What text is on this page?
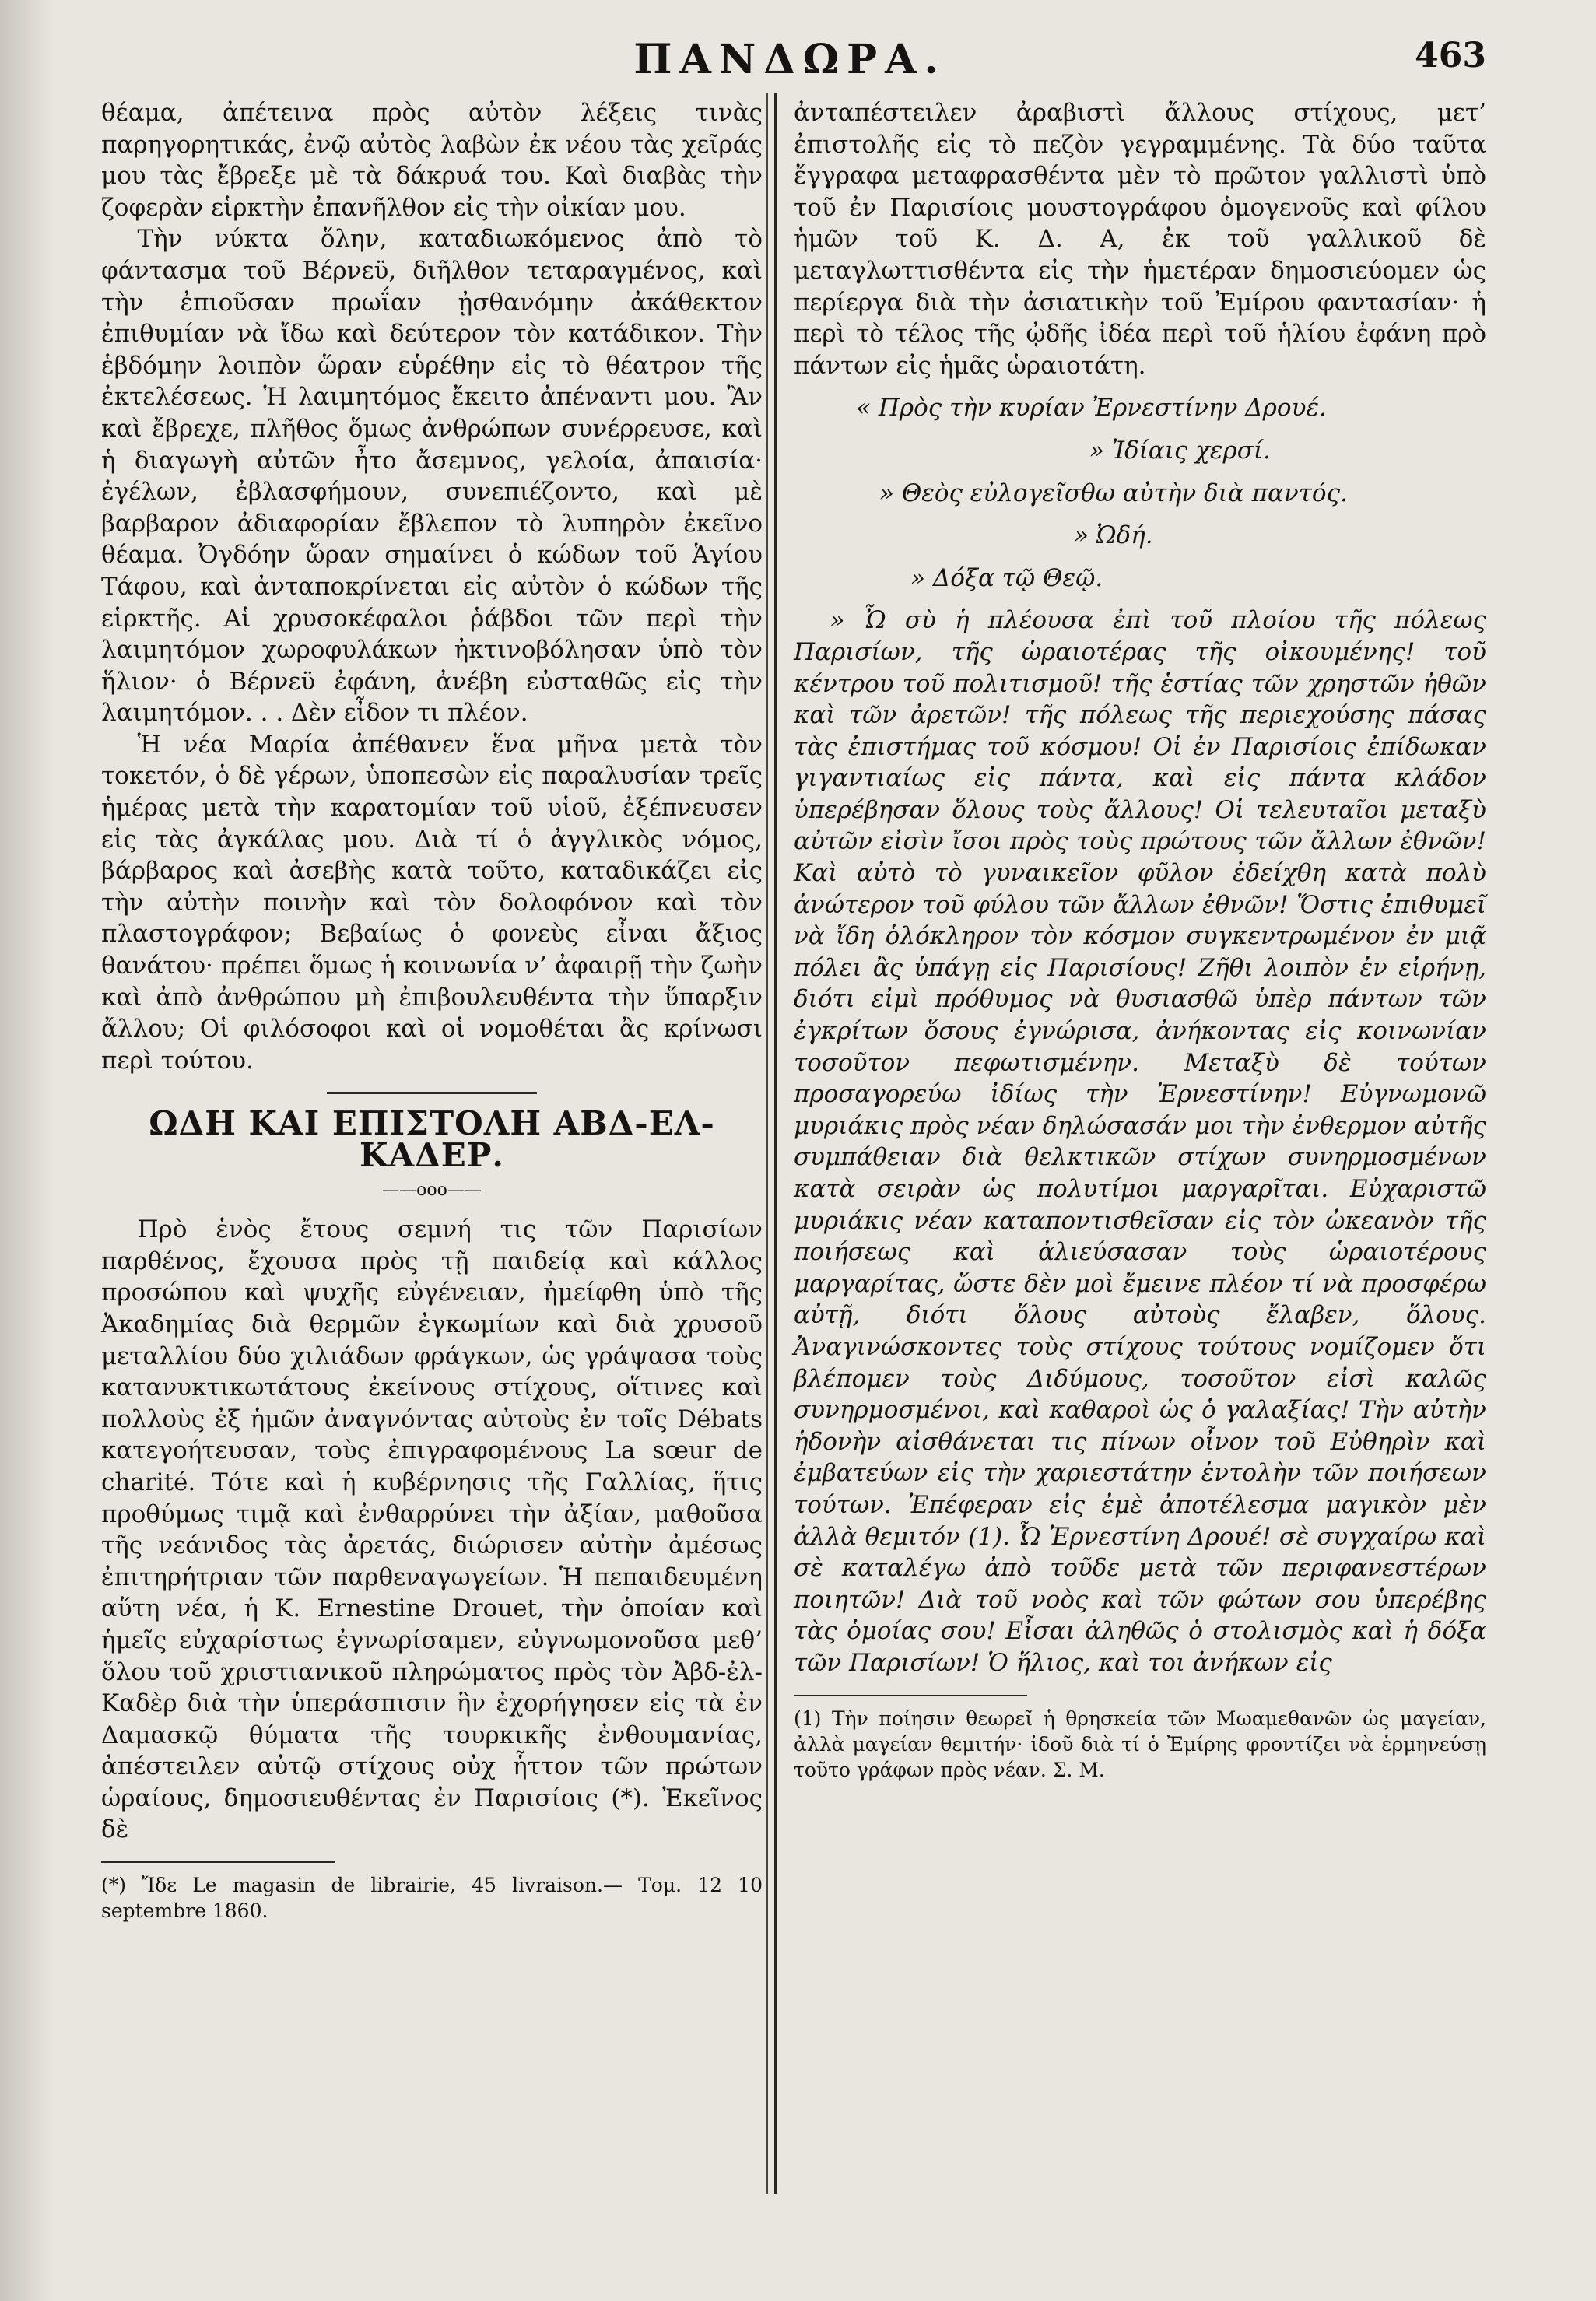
ΠΑΝΔΩΡΑ.	463

θέαμα, ἀπέτεινα πρὸς αὐτὸν λέξεις τινὰς παρηγορητικάς, ἐνῷ αὐτὸς λαβὼν ἐκ νέου τὰς χεῖράς μου τὰς ἔβρεξε μὲ τὰ δάκρυά του. Καὶ διαβὰς τὴν ζοφερὰν εἱρκτὴν ἐπανῆλθον εἰς τὴν οἰκίαν μου.

Τὴν νύκτα ὅλην, καταδιωκόμενος ἀπὸ τὸ φάντασμα τοῦ Βέρνεϋ, διῆλθον τεταραγμένος, καὶ τὴν ἐπιοῦσαν πρωΐαν ᾐσθανόμην ἀκάθεκτον ἐπιθυμίαν νὰ ἴδω καὶ δεύτερον τὸν κατάδικον. Τὴν ἑβδόμην λοιπὸν ὥραν εὑρέθην εἰς τὸ θέατρον τῆς ἐκτελέσεως. Ἡ λαιμητόμος ἔκειτο ἀπέναντι μου. Ἂν καὶ ἔβρεχε, πλῆθος ὅμως ἀνθρώπων συνέρρευσε, καὶ ἡ διαγωγὴ αὐτῶν ἦτο ἄσεμνος, γελοία, ἀπαισία· ἐγέλων, ἐβλασφήμουν, συνεπιέζοντο, καὶ μὲ βαρβαρον ἀδιαφορίαν ἔβλεπον τὸ λυπηρὸν ἐκεῖνο θέαμα. Ὀγδόην ὥραν σημαίνει ὁ κώδων τοῦ Ἁγίου Τάφου, καὶ ἀνταποκρίνεται εἰς αὐτὸν ὁ κώδων τῆς εἱρκτῆς. Αἱ χρυσοκέφαλοι ῥάβδοι τῶν περὶ τὴν λαιμητόμον χωροφυλάκων ἠκτινοβόλησαν ὑπὸ τὸν ἥλιον· ὁ Βέρνεϋ ἐφάνη, ἀνέβη εὐσταθῶς εἰς τὴν λαιμητόμον. . . Δὲν εἶδον τι πλέον.

Ἡ νέα Μαρία ἀπέθανεν ἕνα μῆνα μετὰ τὸν τοκετόν, ὁ δὲ γέρων, ὑποπεσὼν εἰς παραλυσίαν τρεῖς ἡμέρας μετὰ τὴν καρατομίαν τοῦ υἱοῦ, ἐξέπνευσεν εἰς τὰς ἀγκάλας μου. Διὰ τί ὁ ἀγγλικὸς νόμος, βάρβαρος καὶ ἀσεβὴς κατὰ τοῦτο, καταδικάζει εἰς τὴν αὐτὴν ποινὴν καὶ τὸν δολοφόνον καὶ τὸν πλαστογράφον; Βεβαίως ὁ φονεὺς εἶναι ἄξιος θανάτου· πρέπει ὅμως ἡ κοινωνία ν’ ἀφαιρῇ τὴν ζωὴν καὶ ἀπὸ ἀνθρώπου μὴ ἐπιβουλευθέντα τὴν ὕπαρξιν ἄλλου; Οἱ φιλόσοφοι καὶ οἱ νομοθέται ἂς κρίνωσι περὶ τούτου.

ΩΔΗ ΚΑΙ ΕΠΙΣΤΟΛΗ ΑΒΔ-ΕΛ-ΚΑΔΕΡ.
——ooo——

Πρὸ ἑνὸς ἔτους σεμνή τις τῶν Παρισίων παρθένος, ἔχουσα πρὸς τῇ παιδείᾳ καὶ κάλλος προσώπου καὶ ψυχῆς εὐγένειαν, ἠμείφθη ὑπὸ τῆς Ἀκαδημίας διὰ θερμῶν ἐγκωμίων καὶ διὰ χρυσοῦ μεταλλίου δύο χιλιάδων φράγκων, ὡς γράψασα τοὺς κατανυκτικωτάτους ἐκείνους στίχους, οἵτινες καὶ πολλοὺς ἐξ ἡμῶν ἀναγνόντας αὐτοὺς ἐν τοῖς Débats κατεγοήτευσαν, τοὺς ἐπιγραφομένους La sœur de charité. Τότε καὶ ἡ κυβέρνησις τῆς Γαλλίας, ἥτις προθύμως τιμᾷ καὶ ἐνθαρρύνει τὴν ἀξίαν, μαθοῦσα τῆς νεάνιδος τὰς ἀρετάς, διώρισεν αὐτὴν ἀμέσως ἐπιτηρήτριαν τῶν παρθεναγωγείων. Ἡ πεπαιδευμένη αὕτη νέα, ἡ Κ. Ernestine Drouet, τὴν ὁποίαν καὶ ἡμεῖς εὐχαρίστως ἐγνωρίσαμεν, εὐγνωμονοῦσα μεθ’ ὅλου τοῦ χριστιανικοῦ πληρώματος πρὸς τὸν Ἀβδ-ἐλ-Καδὲρ διὰ τὴν ὑπεράσπισιν ἣν ἐχορήγησεν εἰς τὰ ἐν Δαμασκῷ θύματα τῆς τουρκικῆς ἐνθουμανίας, ἀπέστειλεν αὐτῷ στίχους οὐχ ἧττον τῶν πρώτων ὡραίους, δημοσιευθέντας ἐν Παρισίοις (*). Ἐκεῖνος δὲ

(*) Ἴδε Le magasin de librairie, 45 livraison.— Τομ. 12 10 septembre 1860.

ἀνταπέστειλεν ἀραβιστὶ ἄλλους στίχους, μετ’ ἐπιστολῆς εἰς τὸ πεζὸν γεγραμμένης. Τὰ δύο ταῦτα ἔγγραφα μεταφρασθέντα μὲν τὸ πρῶτον γαλλιστὶ ὑπὸ τοῦ ἐν Παρισίοις μουστογράφου ὁμογενοῦς καὶ φίλου ἡμῶν τοῦ Κ. Δ. Α, ἐκ τοῦ γαλλικοῦ δὲ μεταγλωττισθέντα εἰς τὴν ἡμετέραν δημοσιεύομεν ὡς περίεργα διὰ τὴν ἀσιατικὴν τοῦ Ἐμίρου φαντασίαν· ἡ περὶ τὸ τέλος τῆς ᾠδῆς ἰδέα περὶ τοῦ ἡλίου ἐφάνη πρὸ πάντων εἰς ἡμᾶς ὡραιοτάτη.

« Πρὸς τὴν κυρίαν Ἐρνεστίνην Δρουέ.
» Ἰδίαις χερσί.
» Θεὸς εὐλογεῖσθω αὐτὴν διὰ παντός.
» Ὠδή.
» Δόξα τῷ Θεῷ.

» Ὦ σὺ ἡ πλέουσα ἐπὶ τοῦ πλοίου τῆς πόλεως Παρισίων, τῆς ὡραιοτέρας τῆς οἰκουμένης! τοῦ κέντρου τοῦ πολιτισμοῦ! τῆς ἑστίας τῶν χρηστῶν ἠθῶν καὶ τῶν ἀρετῶν! τῆς πόλεως τῆς περιεχούσης πάσας τὰς ἐπιστήμας τοῦ κόσμου! Οἱ ἐν Παρισίοις ἐπίδωκαν γιγαντιαίως εἰς πάντα, καὶ εἰς πάντα κλάδον ὑπερέβησαν ὅλους τοὺς ἄλλους! Οἱ τελευταῖοι μεταξὺ αὐτῶν εἰσὶν ἴσοι πρὸς τοὺς πρώτους τῶν ἄλλων ἐθνῶν! Καὶ αὐτὸ τὸ γυναικεῖον φῦλον ἐδείχθη κατὰ πολὺ ἀνώτερον τοῦ φύλου τῶν ἄλλων ἐθνῶν! Ὅστις ἐπιθυμεῖ νὰ ἴδη ὁλόκληρον τὸν κόσμον συγκεντρωμένον ἐν μιᾷ πόλει ἂς ὑπάγῃ εἰς Παρισίους! Ζῆθι λοιπὸν ἐν εἰρήνῃ, διότι εἰμὶ πρόθυμος νὰ θυσιασθῶ ὑπὲρ πάντων τῶν ἐγκρίτων ὅσους ἐγνώρισα, ἀνήκοντας εἰς κοινωνίαν τοσοῦτον πεφωτισμένην. Μεταξὺ δὲ τούτων προσαγορεύω ἰδίως τὴν Ἐρνεστίνην! Εὐγνωμονῶ μυριάκις πρὸς νέαν δηλώσασάν μοι τὴν ἐνθερμον αὐτῆς συμπάθειαν διὰ θελκτικῶν στίχων συνηρμοσμένων κατὰ σειρὰν ὡς πολυτίμοι μαργαρῖται. Εὐχαριστῶ μυριάκις νέαν καταποντισθεῖσαν εἰς τὸν ὠκεανὸν τῆς ποιήσεως καὶ ἀλιεύσασαν τοὺς ὡραιοτέρους μαργαρίτας, ὥστε δὲν μοὶ ἔμεινε πλέον τί νὰ προσφέρω αὐτῇ, διότι ὅλους αὐτοὺς ἔλαβεν, ὅλους. Ἀναγινώσκοντες τοὺς στίχους τούτους νομίζομεν ὅτι βλέπομεν τοὺς Διδύμους, τοσοῦτον εἰσὶ καλῶς συνηρμοσμένοι, καὶ καθαροὶ ὡς ὁ γαλαξίας! Τὴν αὐτὴν ἡδονὴν αἰσθάνεται τις πίνων οἶνον τοῦ Εὐθηρὶν καὶ ἐμβατεύων εἰς τὴν χαριεστάτην ἐντολὴν τῶν ποιήσεων τούτων. Ἐπέφεραν εἰς ἐμὲ ἀποτέλεσμα μαγικὸν μὲν ἀλλὰ θεμιτόν (1). Ὦ Ἐρνεστίνη Δρουέ! σὲ συγχαίρω καὶ σὲ καταλέγω ἀπὸ τοῦδε μετὰ τῶν περιφανεστέρων ποιητῶν! Διὰ τοῦ νοὸς καὶ τῶν φώτων σου ὑπερέβης τὰς ὁμοίας σου! Εἶσαι ἀληθῶς ὁ στολισμὸς καὶ ἡ δόξα τῶν Παρισίων! Ὁ ἥλιος, καὶ τοι ἀνήκων εἰς

(1) Τὴν ποίησιν θεωρεῖ ἡ θρησκεία τῶν Μωαμεθανῶν ὡς μαγείαν, ἀλλὰ μαγείαν θεμιτήν· ἰδοῦ διὰ τί ὁ Ἐμίρης φροντίζει νὰ ἑρμηνεύσῃ τοῦτο γράφων πρὸς νέαν. Σ. Μ.
